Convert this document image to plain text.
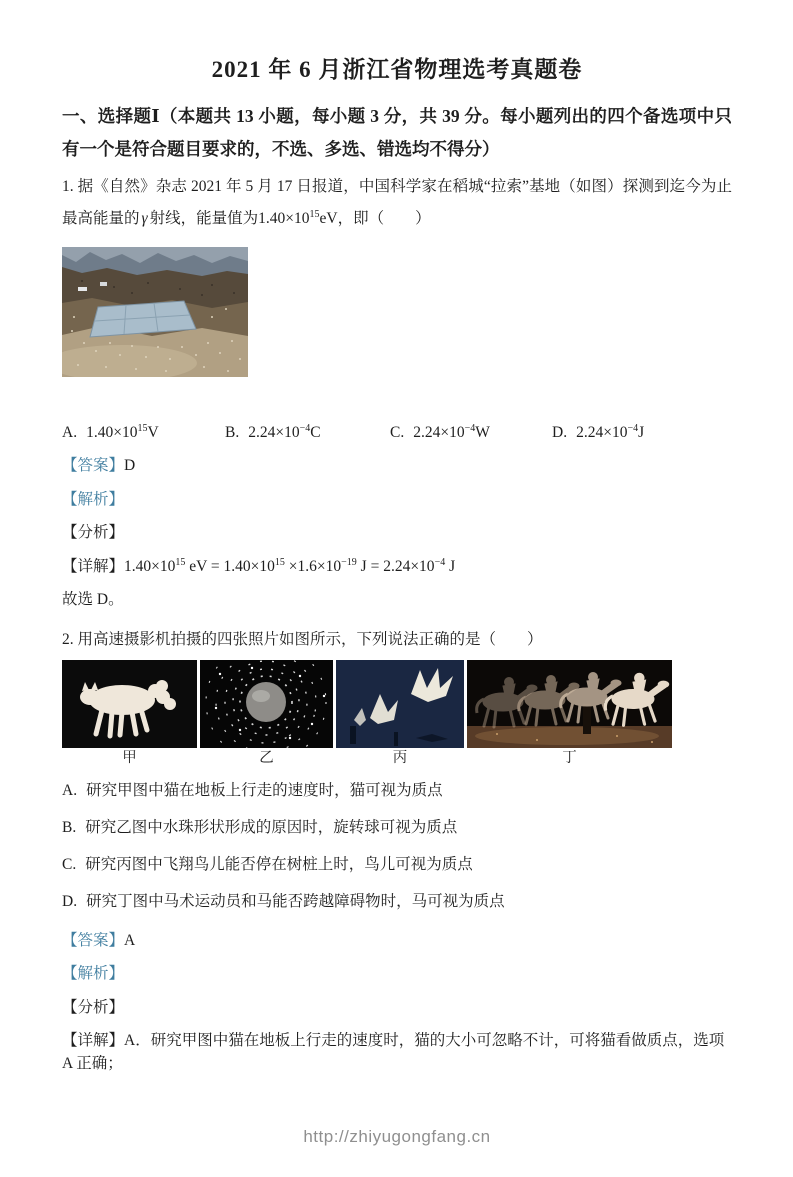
2021 年 6 月浙江省物理选考真题卷

一、选择题Ⅰ（本题共 13 小题，每小题 3 分，共 39 分。每小题列出的四个备选项中只有一个是符合题目要求的，不选、多选、错选均不得分）

1. 据《自然》杂志 2021 年 5 月 17 日报道，中国科学家在稻城“拉索”基地（如图）探测到迄今为止最高能量的 γ 射线，能量值为$1.40\times 10^{15}eV$，即（　　）

A. $1.40\times 10^{15}V$	B. $2.24\times 10^{-4}C$	C. $2.24\times 10^{-4}W$	D. $2.24\times 10^{-4}J$

【答案】D

【解析】

【分析】

【详解】$1.40\times 10^{15}$ eV = $1.40\times 10^{15} \times 1.6\times 10^{-19}$ $J = 2.24\times 10^{-4}$ J

故选 D。

2. 用高速摄影机拍摄的四张照片如图所示，下列说法正确的是（　　）

甲	乙	丙	丁

A. 研究甲图中猫在地板上行走的速度时，猫可视为质点

B. 研究乙图中水珠形状形成的原因时，旋转球可视为质点

C. 研究丙图中飞翔鸟儿能否停在树桩上时，鸟儿可视为质点

D. 研究丁图中马术运动员和马能否跨越障碍物时，马可视为质点

【答案】A

【解析】

【分析】

【详解】A．研究甲图中猫在地板上行走的速度时，猫的大小可忽略不计，可将猫看做质点，选项 A 正确；

http://zhiyugongfang.cn
